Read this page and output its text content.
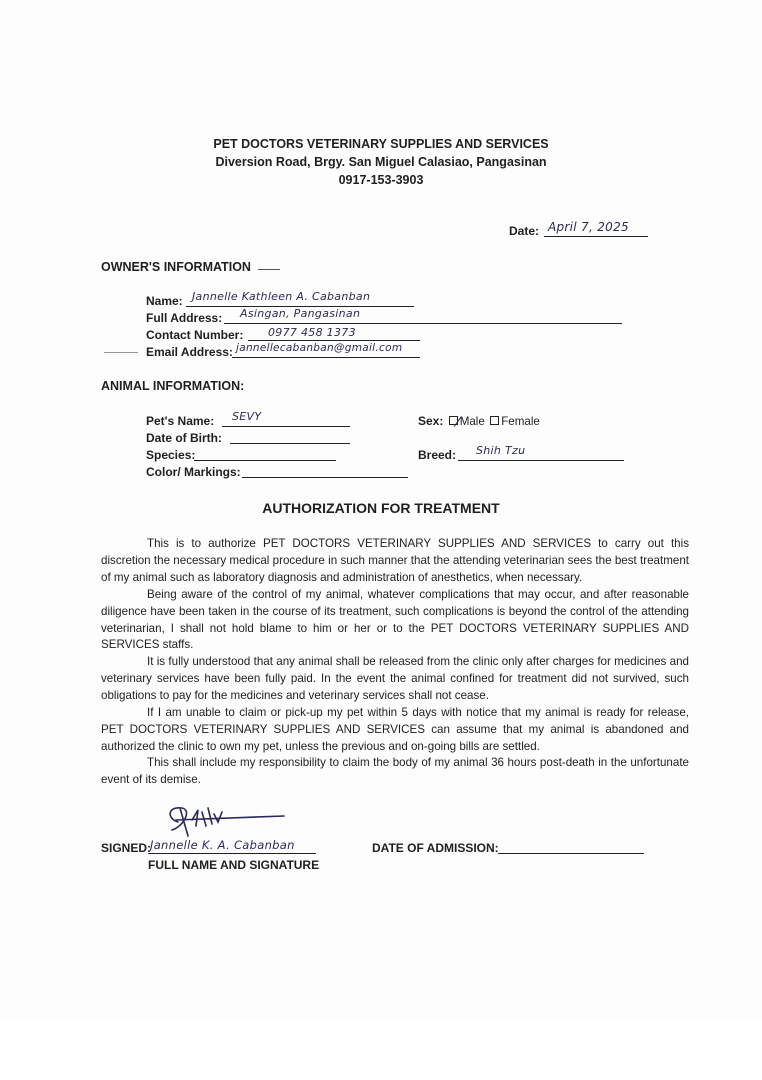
PET DOCTORS VETERINARY SUPPLIES AND SERVICES
Diversion Road, Brgy. San Miguel Calasiao, Pangasinan
0917-153-3903
Date: April 7, 2025
OWNER'S INFORMATION
Name: Jannelle Kathleen A. Cabanban
Full Address: Asingan, Pangasinan
Contact Number: 0977 458 1373
Email Address: jannellecabanban@gmail.com
ANIMAL INFORMATION:
Pet's Name: SEVY
Date of Birth:
Species:
Color/ Markings:
Sex: Male Female
Breed: Shih Tzu
AUTHORIZATION FOR TREATMENT
This is to authorize PET DOCTORS VETERINARY SUPPLIES AND SERVICES to carry out this discretion the necessary medical procedure in such manner that the attending veterinarian sees the best treatment of my animal such as laboratory diagnosis and administration of anesthetics, when necessary.
Being aware of the control of my animal, whatever complications that may occur, and after reasonable diligence have been taken in the course of its treatment, such complications is beyond the control of the attending veterinarian, I shall not hold blame to him or her or to the PET DOCTORS VETERINARY SUPPLIES AND SERVICES staffs.
It is fully understood that any animal shall be released from the clinic only after charges for medicines and veterinary services have been fully paid. In the event the animal confined for treatment did not survived, such obligations to pay for the medicines and veterinary services shall not cease.
If I am unable to claim or pick-up my pet within 5 days with notice that my animal is ready for release, PET DOCTORS VETERINARY SUPPLIES AND SERVICES can assume that my animal is abandoned and authorized the clinic to own my pet, unless the previous and on-going bills are settled.
This shall include my responsibility to claim the body of my animal 36 hours post-death in the unfortunate event of its demise.
SIGNED:
Jannelle K. A. Cabanban
FULL NAME AND SIGNATURE
DATE OF ADMISSION:
